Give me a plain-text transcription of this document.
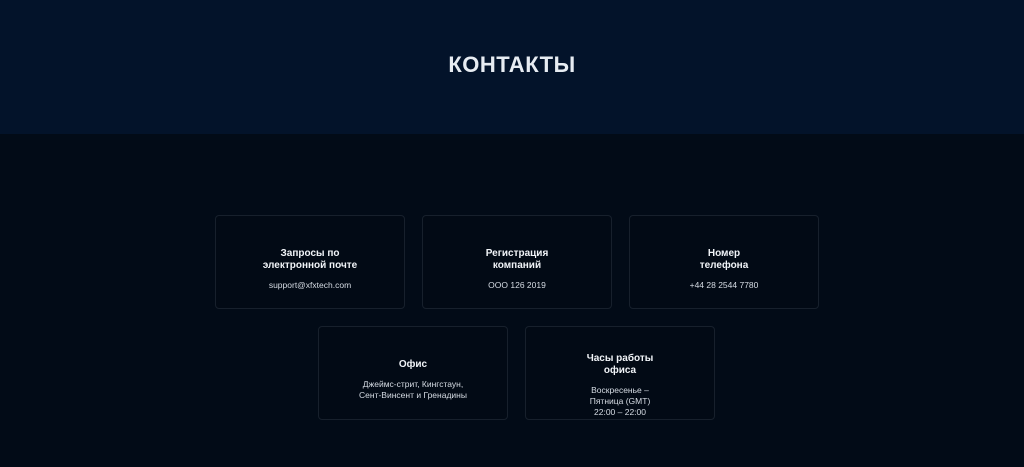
КОНТАКТЫ
Запросы по
электронной почте
support@xfxtech.com
Регистрация
компаний
OOO 126 2019
Номер
телефона
+44 28 2544 7780
Офис
Джеймс-стрит, Кингстаун,
Сент-Винсент и Гренадины
Часы работы
офиса
Воскресенье –
Пятница (GMT)
22:00 – 22:00
